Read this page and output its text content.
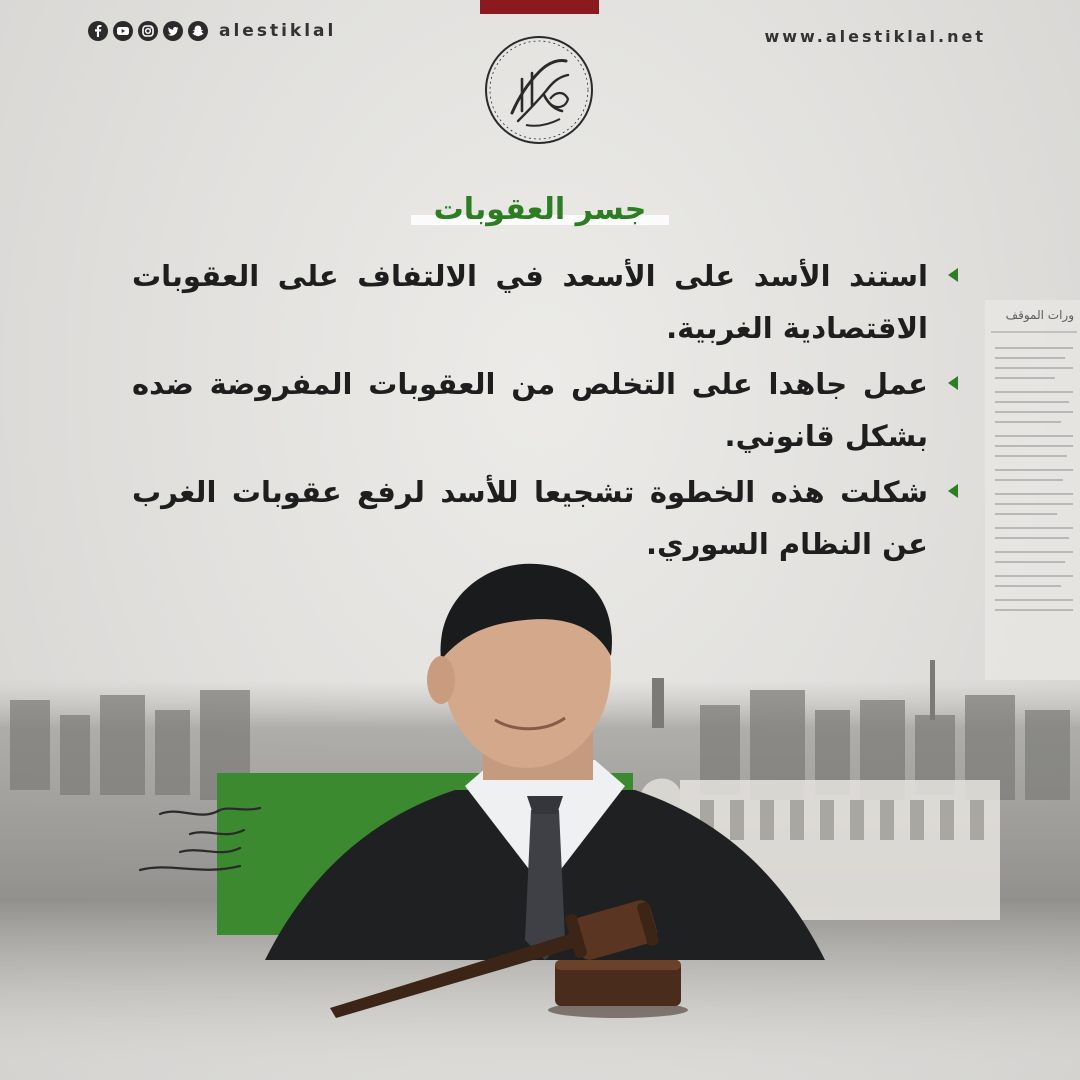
alestiklal	www.alestiklal.net
جسر العقوبات
استند الأسد على الأسعد في الالتفاف على العقوبات الاقتصادية الغربية.
عمل جاهدا على التخلص من العقوبات المفروضة ضده بشكل قانوني.
شكلت هذه الخطوة تشجيعا للأسد لرفع عقوبات الغرب عن النظام السوري.
ورات الموقف
